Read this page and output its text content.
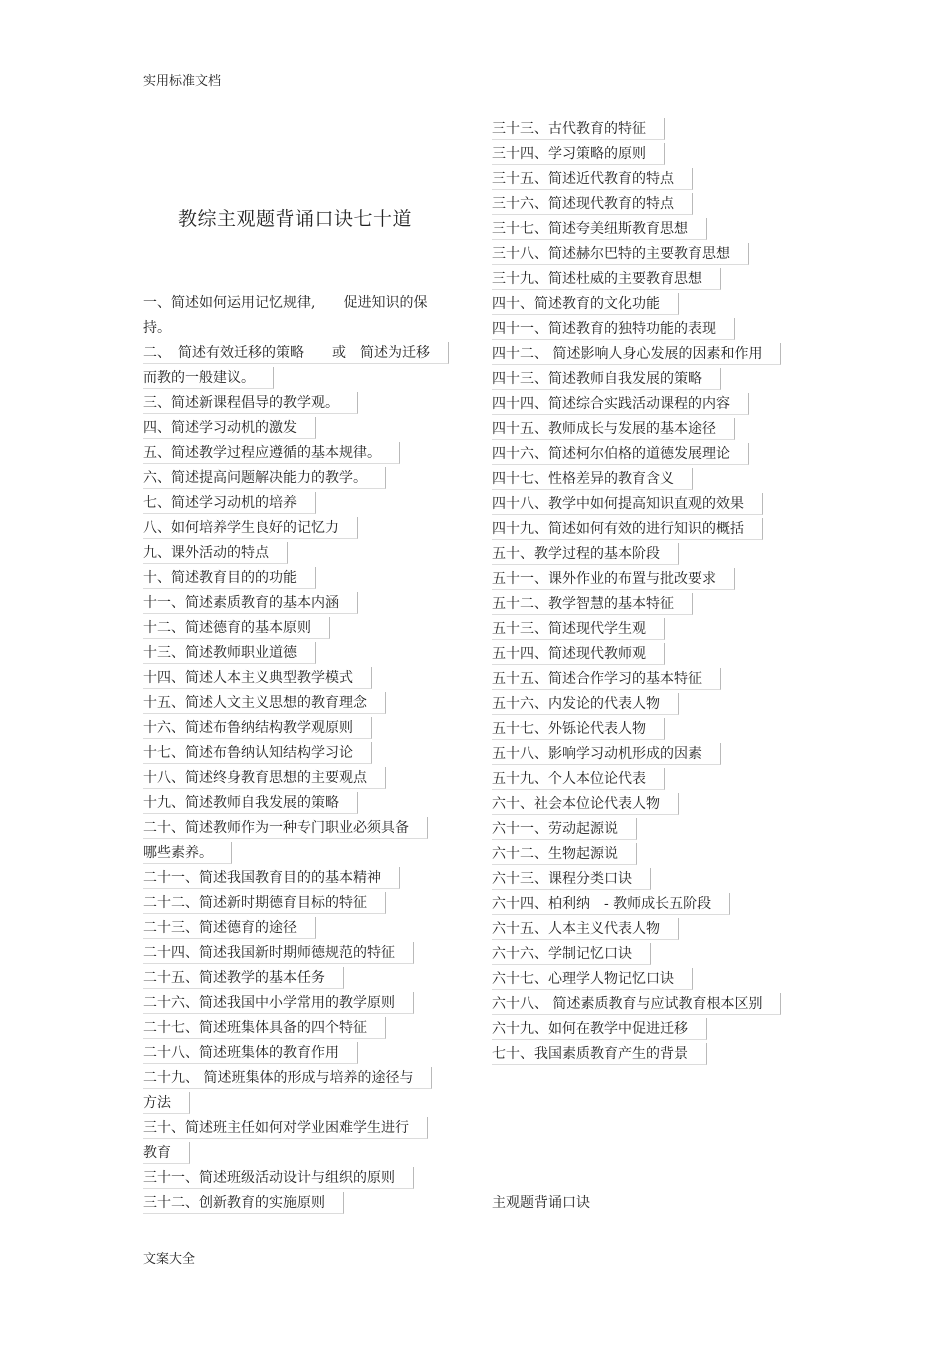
实用标准文档
教综主观题背诵口诀七十道
一、简述如何运用记忆规律,　　促进知识的保
持。
二、　简述有效迁移的策略　　或　简述为迁移
而教的一般建议。
三、简述新课程倡导的教学观。
四、简述学习动机的激发
五、简述教学过程应遵循的基本规律。
六、简述提高问题解决能力的教学。
七、简述学习动机的培养
八、如何培养学生良好的记忆力
九、课外活动的特点
十、简述教育目的的功能
十一、简述素质教育的基本内涵
十二、简述德育的基本原则
十三、简述教师职业道德
十四、简述人本主义典型教学模式
十五、简述人文主义思想的教育理念
十六、简述布鲁纳结构教学观原则
十七、简述布鲁纳认知结构学习论
十八、简述终身教育思想的主要观点
十九、简述教师自我发展的策略
二十、简述教师作为一种专门职业必须具备
哪些素养。
二十一、简述我国教育目的的基本精神
二十二、简述新时期德育目标的特征
二十三、简述德育的途径
二十四、简述我国新时期师德规范的特征
二十五、简述教学的基本任务
二十六、简述我国中小学常用的教学原则
二十七、简述班集体具备的四个特征
二十八、简述班集体的教育作用
二十九、 简述班集体的形成与培养的途径与
方法
三十、简述班主任如何对学业困难学生进行
教育
三十一、简述班级活动设计与组织的原则
三十二、创新教育的实施原则
三十三、古代教育的特征
三十四、学习策略的原则
三十五、简述近代教育的特点
三十六、简述现代教育的特点
三十七、简述夸美纽斯教育思想
三十八、简述赫尔巴特的主要教育思想
三十九、简述杜威的主要教育思想
四十、简述教育的文化功能
四十一、简述教育的独特功能的表现
四十二、 简述影响人身心发展的因素和作用
四十三、简述教师自我发展的策略
四十四、简述综合实践活动课程的内容
四十五、教师成长与发展的基本途径
四十六、简述柯尔伯格的道德发展理论
四十七、性格差异的教育含义
四十八、教学中如何提高知识直观的效果
四十九、简述如何有效的进行知识的概括
五十、教学过程的基本阶段
五十一、课外作业的布置与批改要求
五十二、教学智慧的基本特征
五十三、简述现代学生观
五十四、简述现代教师观
五十五、简述合作学习的基本特征
五十六、内发论的代表人物
五十七、外铄论代表人物
五十八、影响学习动机形成的因素
五十九、个人本位论代表
六十、社会本位论代表人物
六十一、劳动起源说
六十二、生物起源说
六十三、课程分类口诀
六十四、柏利纳　- 教师成长五阶段
六十五、人本主义代表人物
六十六、学制记忆口诀
六十七、心理学人物记忆口诀
六十八、 简述素质教育与应试教育根本区别
六十九、如何在教学中促进迁移
七十、我国素质教育产生的背景
主观题背诵口诀
文案大全
